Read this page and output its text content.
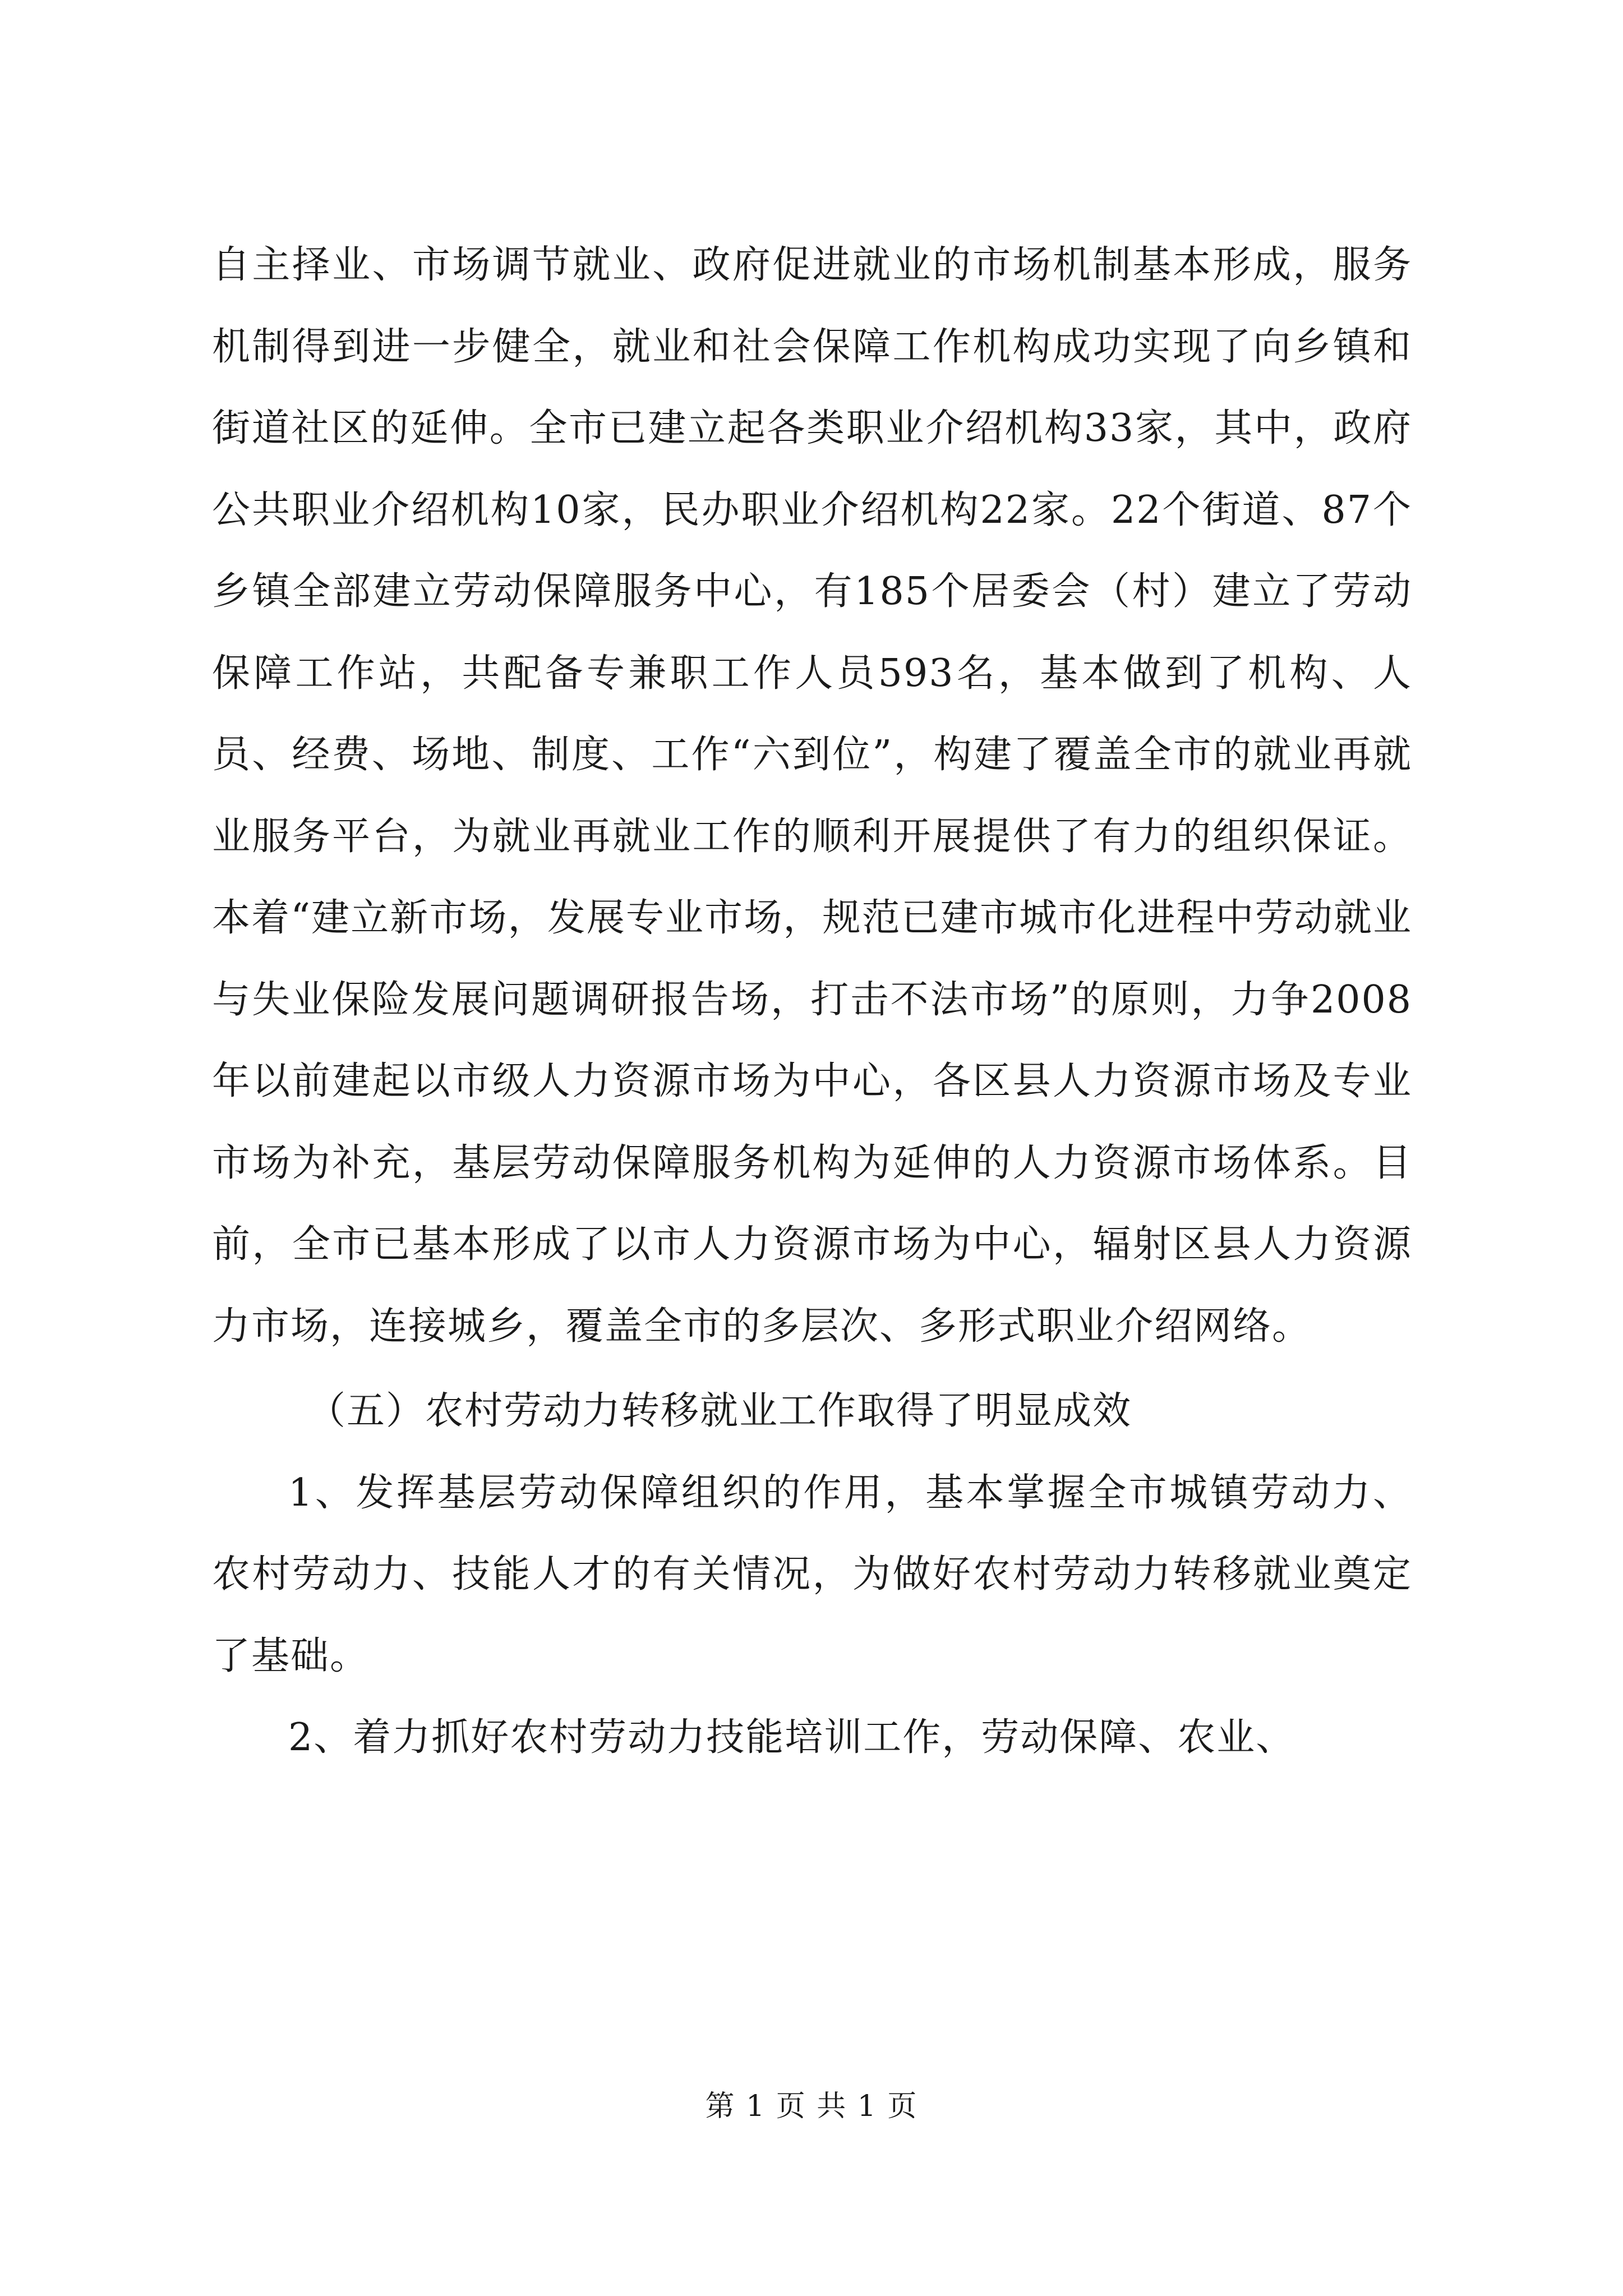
自主择业、市场调节就业、政府促进就业的市场机制基本形成，服务机制得到进一步健全，就业和社会保障工作机构成功实现了向乡镇和街道社区的延伸。全市已建立起各类职业介绍机构33家，其中，政府公共职业介绍机构10家，民办职业介绍机构22家。22个街道、87个乡镇全部建立劳动保障服务中心，有185个居委会（村）建立了劳动保障工作站，共配备专兼职工作人员593名，基本做到了机构、人员、经费、场地、制度、工作“六到位”，构建了覆盖全市的就业再就业服务平台，为就业再就业工作的顺利开展提供了有力的组织保证。本着“建立新市场，发展专业市场，规范已建市城市化进程中劳动就业与失业保险发展问题调研报告场，打击不法市场”的原则，力争2008年以前建起以市级人力资源市场为中心，各区县人力资源市场及专业市场为补充，基层劳动保障服务机构为延伸的人力资源市场体系。目前，全市已基本形成了以市人力资源市场为中心，辐射区县人力资源力市场，连接城乡，覆盖全市的多层次、多形式职业介绍网络。

（五）农村劳动力转移就业工作取得了明显成效

1、发挥基层劳动保障组织的作用，基本掌握全市城镇劳动力、农村劳动力、技能人才的有关情况，为做好农村劳动力转移就业奠定了基础。

2、着力抓好农村劳动力技能培训工作，劳动保障、农业、

第 1 页 共 1 页
